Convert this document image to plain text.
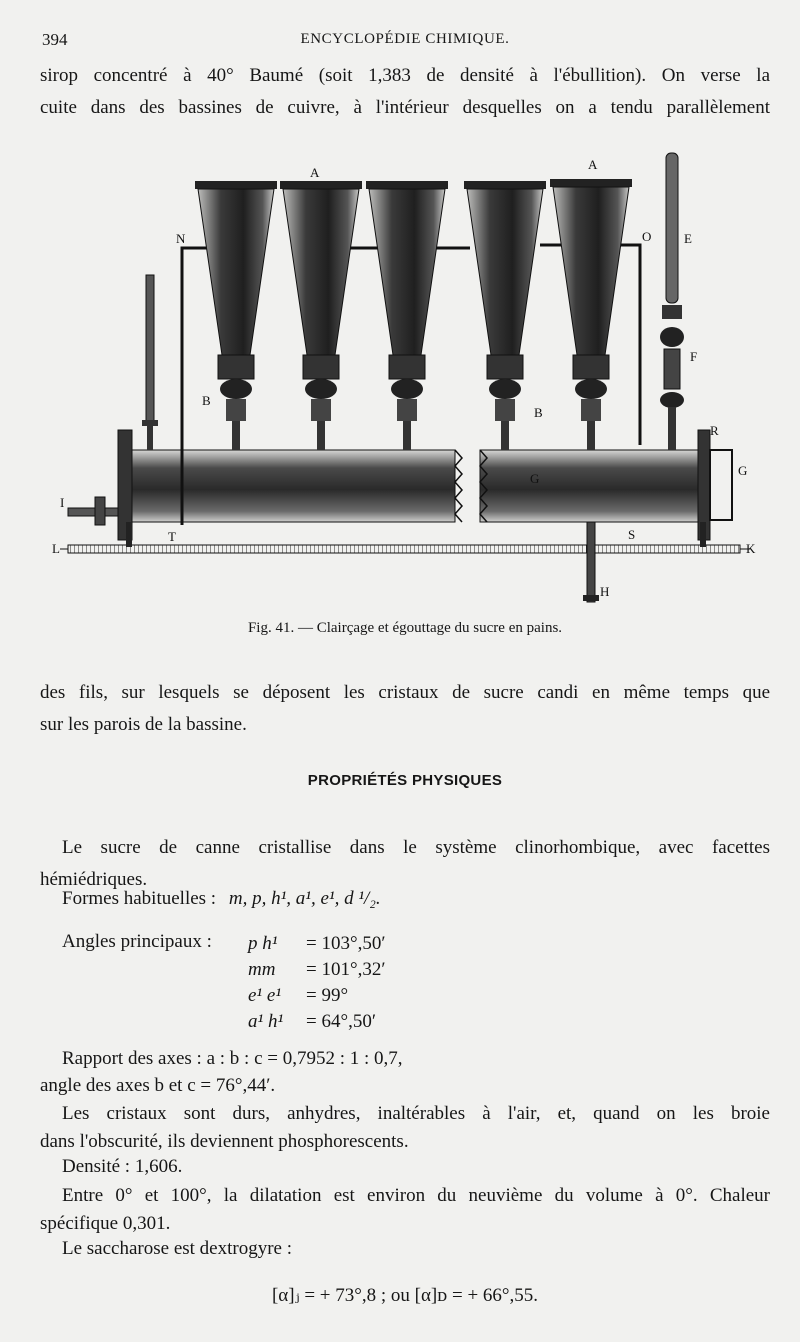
394	ENCYCLOPÉDIE CHIMIQUE.
sirop concentré à 40° Baumé (soit 1,383 de densité à l'ébullition). On verse la
cuite dans des bassines de cuivre, à l'intérieur desquelles on a tendu parallèlement
A
A
N	O	E
F
B
B
R
G
G
I
T	S
L	K
H
Fig. 41. — Clairçage et égouttage du sucre en pains.
des fils, sur lesquels se déposent les cristaux de sucre candi en même temps que
sur les parois de la bassine.
PROPRIÉTÉS PHYSIQUES
Le sucre de canne cristallise dans le système clinorhombique, avec facettes
hémiédriques.
Formes habituelles : m, p, h¹, a¹, e¹, d ¹/₂.
Angles principaux : p h¹ = 103°,50′
mm = 101°,32′
e¹ e¹ = 99°
a¹ h¹ = 64°,50′
Rapport des axes : a : b : c = 0,7952 : 1 : 0,7,
angle des axes b et c = 76°,44′.
Les cristaux sont durs, anhydres, inaltérables à l'air, et, quand on les broie
dans l'obscurité, ils deviennent phosphorescents.
Densité : 1,606.
Entre 0° et 100°, la dilatation est environ du neuvième du volume à 0°. Chaleur
spécifique 0,301.
Le saccharose est dextrogyre :
[α]ⱼ = + 73°,8 ; ou [α]ᴅ = + 66°,55.
